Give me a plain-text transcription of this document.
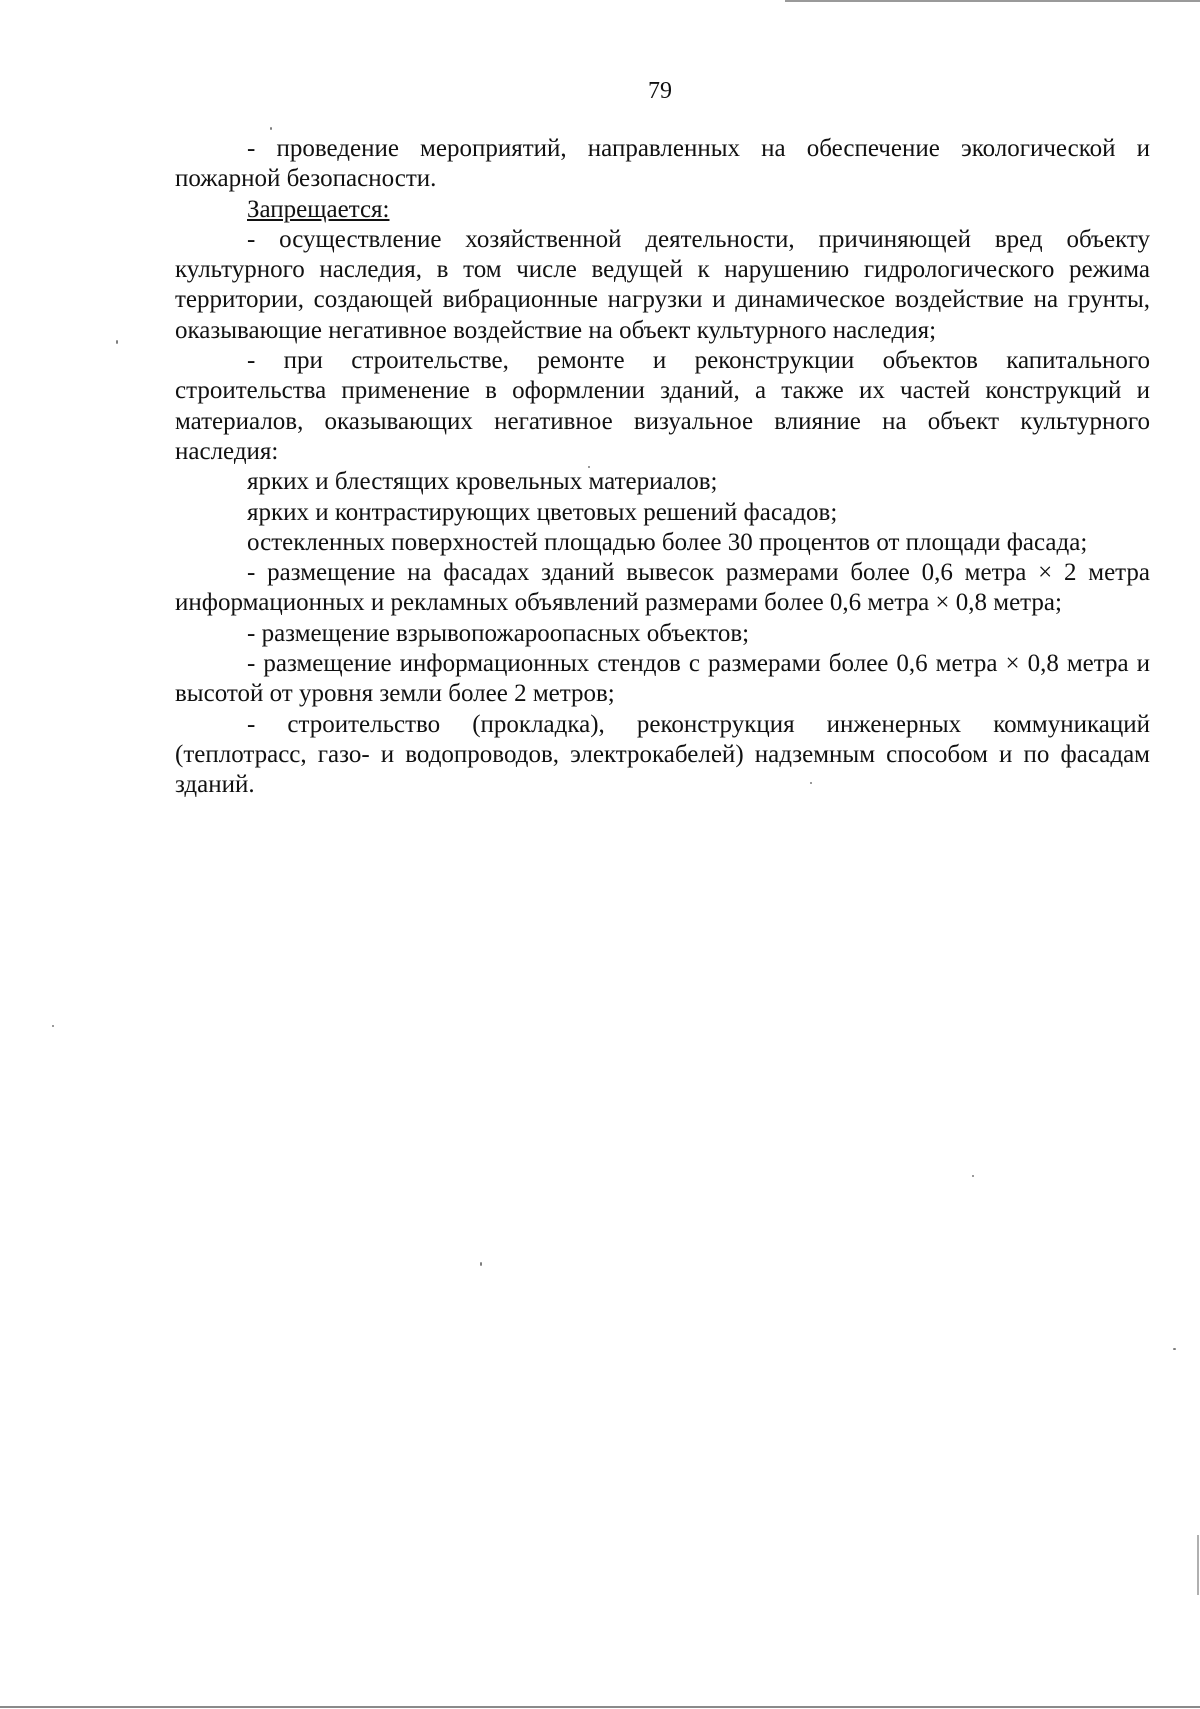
79

- проведение мероприятий, направленных на обеспечение экологической и пожарной безопасности.

Запрещается:

- осуществление хозяйственной деятельности, причиняющей вред объекту культурного наследия, в том числе ведущей к нарушению гидрологического режима территории, создающей вибрационные нагрузки и динамическое воздействие на грунты, оказывающие негативное воздействие на объект культурного наследия;

- при строительстве, ремонте и реконструкции объектов капитального строительства применение в оформлении зданий, а также их частей конструкций и материалов, оказывающих негативное визуальное влияние на объект культурного наследия:

ярких и блестящих кровельных материалов;

ярких и контрастирующих цветовых решений фасадов;

остекленных поверхностей площадью более 30 процентов от площади фасада;

- размещение на фасадах зданий вывесок размерами более 0,6 метра × 2 метра информационных и рекламных объявлений размерами более 0,6 метра × 0,8 метра;

- размещение взрывопожароопасных объектов;

- размещение информационных стендов с размерами более 0,6 метра × 0,8 метра и высотой от уровня земли более 2 метров;

- строительство (прокладка), реконструкция инженерных коммуникаций (теплотрасс, газо- и водопроводов, электрокабелей) надземным способом и по фасадам зданий.
